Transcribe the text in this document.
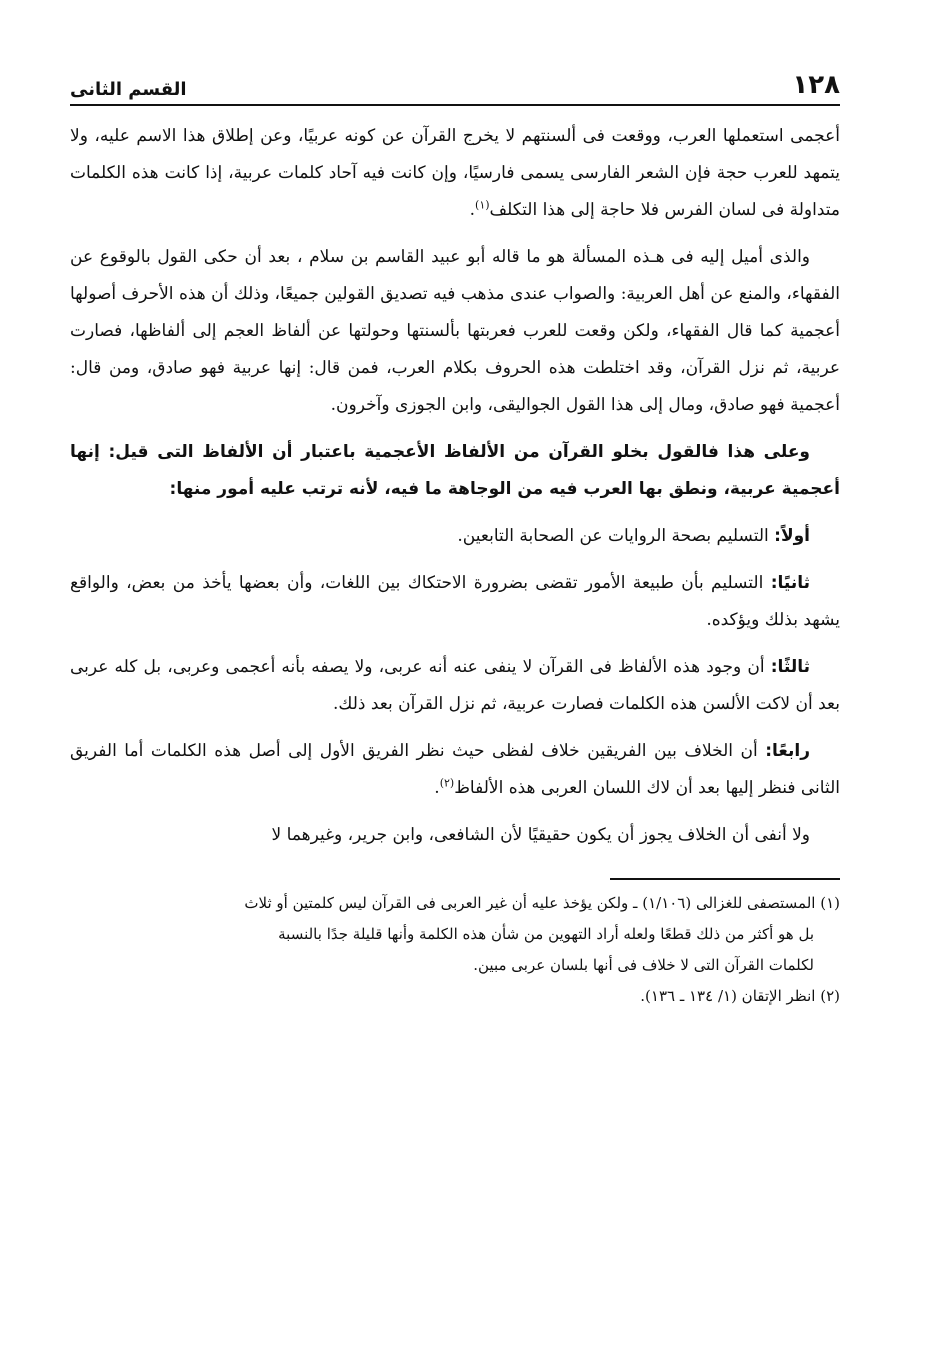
١٢٨
القسم الثانى

أعجمى استعملها العرب، ووقعت فى ألسنتهم لا يخرج القرآن عن كونه عربيًا، وعن إطلاق هذا الاسم عليه، ولا يتمهد للعرب حجة فإن الشعر الفارسى يسمى فارسيًا، وإن كانت فيه آحاد كلمات عربية، إذا كانت هذه الكلمات متداولة فى لسان الفرس فلا حاجة إلى هذا التكلف$^{(١)}$.

والذى أميل إليه فى هـذه المسألة هو ما قاله أبو عبيد القاسم بن سلام ، بعد أن حكى القول بالوقوع عن الفقهاء، والمنع عن أهل العربية: والصواب عندى مذهب فيه تصديق القولين جميعًا، وذلك أن هذه الأحرف أصولها أعجمية كما قال الفقهاء، ولكن وقعت للعرب فعربتها بألسنتها وحولتها عن ألفاظ العجم إلى ألفاظها، فصارت عربية، ثم نزل القرآن، وقد اختلطت هذه الحروف بكلام العرب، فمن قال: إنها عربية فهو صادق، ومن قال: أعجمية فهو صادق، ومال إلى هذا القول الجواليقى، وابن الجوزى وآخرون.

وعلى هذا فالقول بخلو القرآن من الألفاظ الأعجمية باعتبار أن الألفاظ التى قيل: إنها أعجمية عربية، ونطق بها العرب فيه من الوجاهة ما فيه، لأنه ترتب عليه أمور منها:

أولاً: التسليم بصحة الروايات عن الصحابة التابعين.

ثانيًا: التسليم بأن طبيعة الأمور تقضى بضرورة الاحتكاك بين اللغات، وأن بعضها يأخذ من بعض، والواقع يشهد بذلك ويؤكده.

ثالثًا: أن وجود هذه الألفاظ فى القرآن لا ينفى عنه أنه عربى، ولا يصفه بأنه أعجمى وعربى، بل كله عربى بعد أن لاكت الألسن هذه الكلمات فصارت عربية، ثم نزل القرآن بعد ذلك.

رابعًا: أن الخلاف بين الفريقين خلاف لفظى حيث نظر الفريق الأول إلى أصل هذه الكلمات أما الفريق الثانى فنظر إليها بعد أن لاك اللسان العربى هذه الألفاظ$^{(٢)}$.

ولا أنفى أن الخلاف يجوز أن يكون حقيقيًا لأن الشافعى، وابن جرير، وغيرهما لا

(١) المستصفى للغزالى (١/١٠٦) ـ ولكن يؤخذ عليه أن غير العربى فى القرآن ليس كلمتين أو ثلاث

بل هو أكثر من ذلك قطعًا ولعله أراد التهوين من شأن هذه الكلمة وأنها قليلة جدًا بالنسبة

لكلمات القرآن التى لا خلاف فى أنها بلسان عربى مبين.

(٢) انظر الإتقان (١/ ١٣٤ ـ ١٣٦).
